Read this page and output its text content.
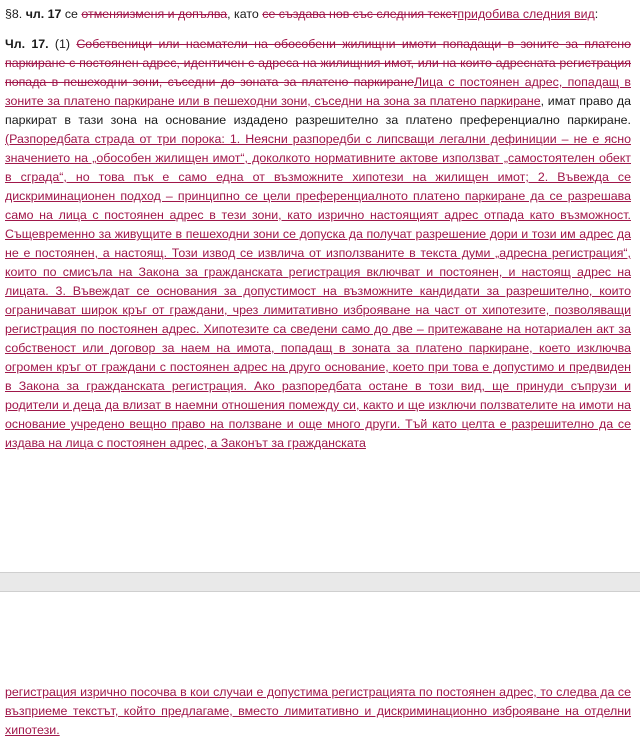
§8. чл. 17 се отменяизменя и допълва, като се създава нов със следния текстпридобива следния вид:
Чл. 17. (1) Собственици или наематели на обособени жилищни имоти попадащи в зоните за платено паркиране с постоянен адрес, идентичен с адреса на жилищния имот, или на които адресната регистрация попада в пешеходни зони, съседни до зоната за платено паркиранеЛица с постоянен адрес, попадащ в зоните за платено паркиране или в пешеходни зони, съседни на зона за платено паркиране, имат право да паркират в тази зона на основание издадено разрешително за платено преференциално паркиране. (Разпоредбата страда от три порока: 1. Неясни разпоредби с липсващи легални дефиниции – не е ясно значението на „обособен жилищен имот“, доколкото нормативните актове използват „самостоятелен обект в сграда“, но това пък е само една от възможните хипотези на жилищен имот; 2. Въвежда се дискриминационен подход – принципно се цели преференциалното платено паркиране да се разрешава само на лица с постоянен адрес в тези зони, като изрично настоящият адрес отпада като възможност. Същевременно за живущите в пешеходни зони се допуска да получат разрешение дори и този им адрес да не е постоянен, а настоящ. Този извод се извлича от използваните в текста думи „адресна регистрация“, които по смисъла на Закона за гражданската регистрация включват и постоянен, и настоящ адрес на лицата. 3. Въвеждат се основания за допустимост на възможните кандидати за разрешително, които ограничават широк кръг от граждани, чрез лимитативно изброяване на част от хипотезите, позволяващи регистрация по постоянен адрес. Хипотезите са сведени само до две – притежаване на нотариален акт за собственост или договор за наем на имота, попадащ в зоната за платено паркиране, което изключва огромен кръг от граждани с постоянен адрес на друго основание, което при това е допустимо и предвиден в Закона за гражданската регистрация. Ако разпоредбата остане в този вид, ще принуди съпрузи и родители и деца да влизат в наемни отношения помежду си, както и ще изключи ползвателите на имоти на основание учредено вещно право на ползване и още много други. Тъй като целта е разрешително да се издава на лица с постоянен адрес, а Законът за гражданската
регистрация изрично посочва в кои случаи е допустима регистрацията по постоянен адрес, то следва да се възприеме текстът, който предлагаме, вместо лимитативно и дискриминационно изброяване на отделни хипотези.
